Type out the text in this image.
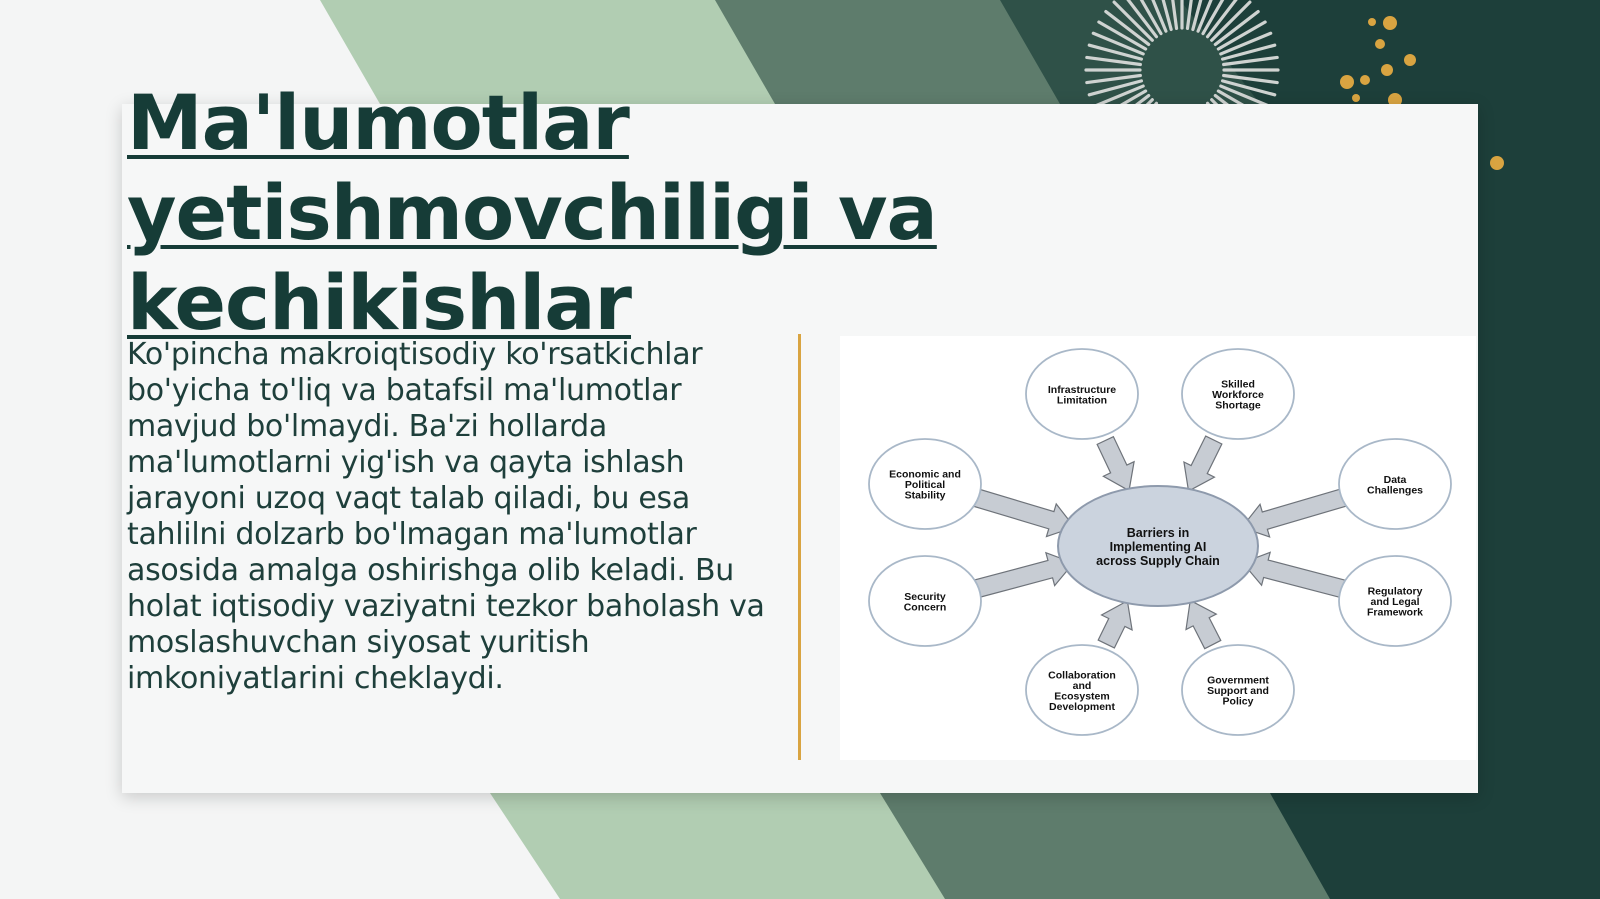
Ma'lumotlar yetishmovchiligi va kechikishlar

Ko'pincha makroiqtisodiy ko'rsatkichlar bo'yicha to'liq va batafsil ma'lumotlar mavjud bo'lmaydi. Ba'zi hollarda ma'lumotlarni yig'ish va qayta ishlash jarayoni uzoq vaqt talab qiladi, bu esa tahlilni dolzarb bo'lmagan ma'lumotlar asosida amalga oshirishga olib keladi. Bu holat iqtisodiy vaziyatni tezkor baholash va moslashuvchan siyosat yuritish imkoniyatlarini cheklaydi.

Barriers in
Implementing AI
across Supply Chain
Infrastructure
Limitation
Skilled
Workforce
Shortage
Data
Challenges
Regulatory
and Legal
Framework
Government
Support and
Policy
Collaboration
and
Ecosystem
Development
Security
Concern
Economic and
Political
Stability
